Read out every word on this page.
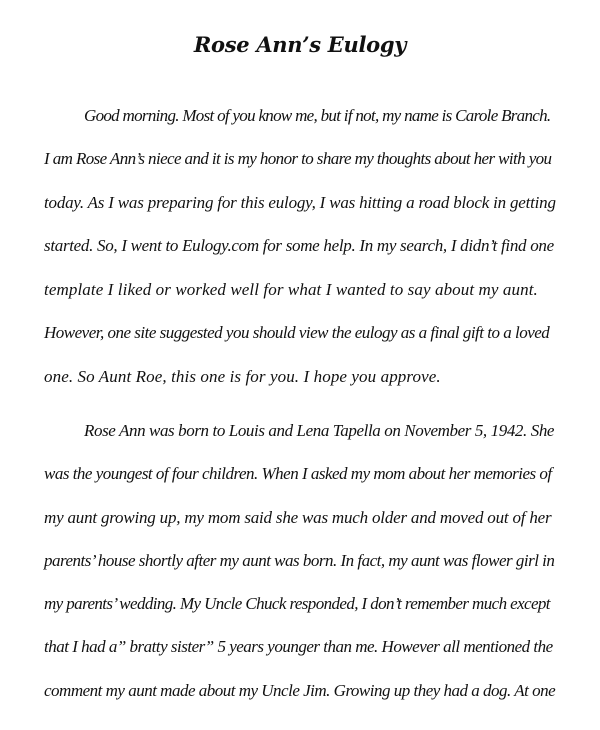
Rose Ann’s Eulogy
Good morning. Most of you know me, but if not, my name is Carole Branch.
I am Rose Ann’s niece and it is my honor to share my thoughts about her with you
today. As I was preparing for this eulogy, I was hitting a road block in getting
started. So, I went to Eulogy.com for some help. In my search, I didn’t find one
template I liked or worked well for what I wanted to say about my aunt.
However, one site suggested you should view the eulogy as a final gift to a loved
one. So Aunt Roe, this one is for you. I hope you approve.
Rose Ann was born to Louis and Lena Tapella on November 5, 1942. She
was the youngest of four children. When I asked my mom about her memories of
my aunt growing up, my mom said she was much older and moved out of her
parents’ house shortly after my aunt was born. In fact, my aunt was flower girl in
my parents’ wedding. My Uncle Chuck responded, I don’t remember much except
that I had a” bratty sister” 5 years younger than me. However all mentioned the
comment my aunt made about my Uncle Jim. Growing up they had a dog. At one
